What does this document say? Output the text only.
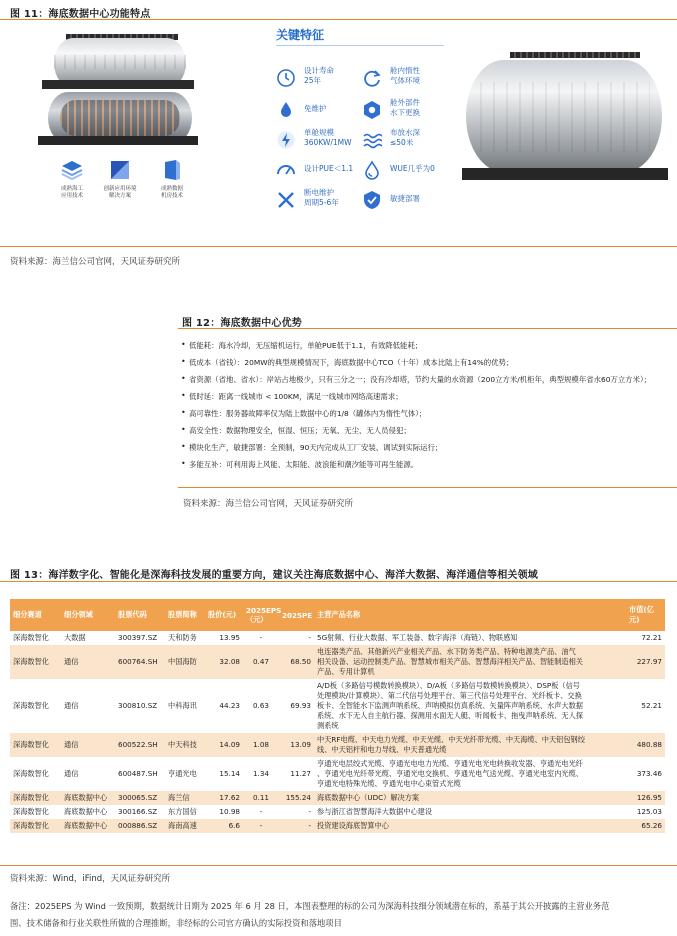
图 11：海底数据中心功能特点
成熟海工
应用技术
创新应用环境
解决方案
成熟数据
机房技术
关键特征
设计寿命
25年
舱内惰性
气体环境
免维护
舱外部件
水下更换
单舱规模
360KW/1MW
布放水深
≤50米
设计PUE＜1.1	WUE几乎为0
断电维护
周期5-6年	敏捷部署
资料来源：海兰信公司官网，天风证券研究所
图 12：海底数据中心优势
• 低能耗：海水冷却，无压缩机运行，单舱PUE低于1.1，有效降低能耗；
• 低成本（省钱）：20MW的典型规模情况下，海底数据中心TCO（十年）成本比陆上有14%的优势；
• 省资源（省地、省水）：岸站占地极少，只有三分之一；没有冷却塔，节约大量的水资源（200立方米/机柜年，典型规模年省水60万立方米）；
• 低时延：距离一线城市 < 100KM，满足一线城市网络高速需求；
• 高可靠性：服务器故障率仅为陆上数据中心的1/8（罐体内为惰性气体）；
• 高安全性：数据物理安全，恒湿、恒压；无氧、无尘、无人员侵犯；
• 模块化生产，敏捷部署：全预制，90天内完成从工厂安装、调试到实际运行；
• 多能互补：可利用海上风能、太阳能、波浪能和潮汐能等可再生能源。
资料来源：海兰信公司官网，天风证券研究所
图 13：海洋数字化、智能化是深海科技发展的重要方向，建议关注海底数据中心、海洋大数据、海洋通信等相关领域
细分赛道	细分领域	股票代码	股票简称	股价(元)	2025EPS（元）	2025PE	主营产品名称	市值(亿元)
深海数智化	大数据	300397.SZ	天和防务	13.95	-	-	5G射频、行业大数据、军工装备、数字海洋（海链）、物联感知	72.21
深海数智化	通信	600764.SH	中国海防	32.08	0.47	68.50	电连器类产品、其他新兴产业相关产品、水下防务类产品、特种电源类产品、油气
相关设备、运动控制类产品、智慧城市相关产品、智慧海洋相关产品、智能制造相关
产品、专用计算机	227.97
深海数智化	通信	300810.SZ	中科海讯	44.23	0.63	69.93	A/D板（多路信号模数转换模块）、D/A板（多路信号数模转换模块）、DSP板（信号
处理模块/计算模块）、第二代信号处理平台、第三代信号处理平台、光纤板卡、交换
板卡、全智能水下监测声呐系统、声呐模拟仿真系统、矢量阵声呐系统、水声大数据
系统、水下无人自主航行器、探测用水面无人艇、听闻板卡、拖曳声呐系统、无人探
测系统	52.21
深海数智化	通信	600522.SH	中天科技	14.09	1.08	13.09	中天RF电缆、中天电力光缆、中天光缆、中天光纤带光缆、中天海缆、中天铝包钢绞
线、中天铝杆和电力导线、中天普通光缆	480.88
深海数智化	通信	600487.SH	亨通光电	15.14	1.34	11.27	亨通光电层绞式光缆、亨通光电电力光缆、亨通光电光电转换收发器、亨通光电光纤
、亨通光电光纤带光缆、亨通光电交换机、亨通光电气送光缆、亨通光电室内光缆、
亨通光电特殊光缆、亨通光电中心束管式光缆	373.46
深海数智化	海底数据中心	300065.SZ	海兰信	17.62	0.11	155.24	海底数据中心（UDC）解决方案	126.95
深海数智化	海底数据中心	300166.SZ	东方国信	10.98	-	-	参与浙江省智慧海洋大数据中心建设	125.03
深海数智化	海底数据中心	000886.SZ	海南高速	6.6	-	-	投资建设海底智算中心	65.26
资料来源：Wind，iFind，天风证券研究所
备注：2025EPS 为 Wind 一致预期，数据统计日期为 2025 年 6 月 28 日，本图表整理的标的公司为深海科技细分领域潜在标的，系基于其公开披露的主营业务范
围、技术储备和行业关联性所做的合理推断，非经标的公司官方确认的实际投资和落地项目
